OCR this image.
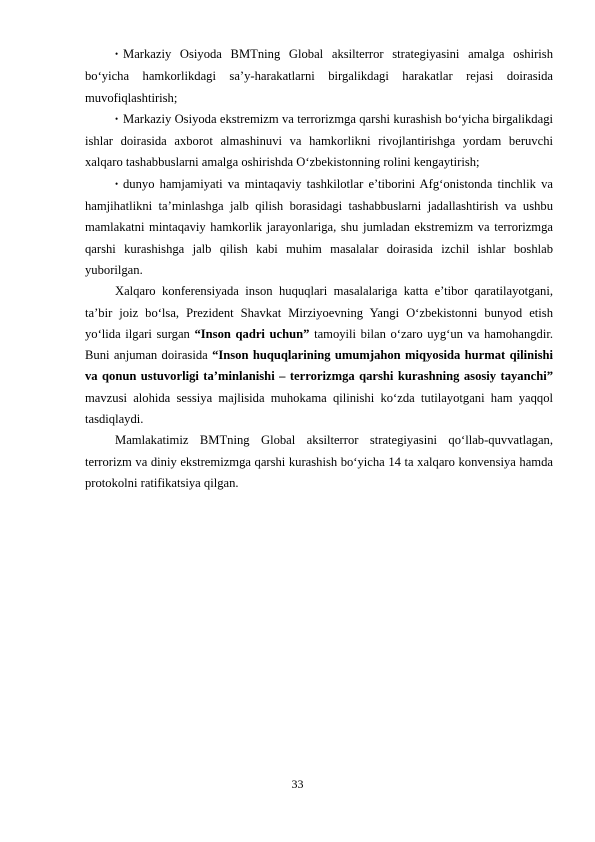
• Markaziy Osiyoda BMTning Global aksilterror strategiyasini amalga oshirish bo‘yicha hamkorlikdagi sa’y-harakatlarni birgalikdagi harakatlar rejasi doirasida muvofiqlashtirish;

• Markaziy Osiyoda ekstremizm va terrorizmga qarshi kurashish bo‘yicha birgalikdagi ishlar doirasida axborot almashinuvi va hamkorlikni rivojlantirishga yordam beruvchi xalqaro tashabbuslarni amalga oshirishda O‘zbekistonning rolini kengaytirish;

• dunyo hamjamiyati va mintaqaviy tashkilotlar e’tiborini Afg‘onistonda tinchlik va hamjihatlikni ta’minlashga jalb qilish borasidagi tashabbuslarni jadallashtirish va ushbu mamlakatni mintaqaviy hamkorlik jarayonlariga, shu jumladan ekstremizm va terrorizmga qarshi kurashishga jalb qilish kabi muhim masalalar doirasida izchil ishlar boshlab yuborilgan.

Xalqaro konferensiyada inson huquqlari masalalariga katta e’tibor qaratilayotgani, ta’bir joiz bo‘lsa, Prezident Shavkat Mirziyoevning Yangi O‘zbekistonni bunyod etish yo‘lida ilgari surgan “Inson qadri uchun” tamoyili bilan o‘zaro uyg‘un va hamohangdir. Buni anjuman doirasida “Inson huquqlarining umumjahon miqyosida hurmat qilinishi va qonun ustuvorligi ta’minlanishi – terrorizmga qarshi kurashning asosiy tayanchi” mavzusi alohida sessiya majlisida muhokama qilinishi ko‘zda tutilayotgani ham yaqqol tasdiqlaydi.

Mamlakatimiz BMTning Global aksilterror strategiyasini qo‘llab-quvvatlagan, terrorizm va diniy ekstremizmga qarshi kurashish bo‘yicha 14 ta xalqaro konvensiya hamda protokolni ratifikatsiya qilgan.

33
